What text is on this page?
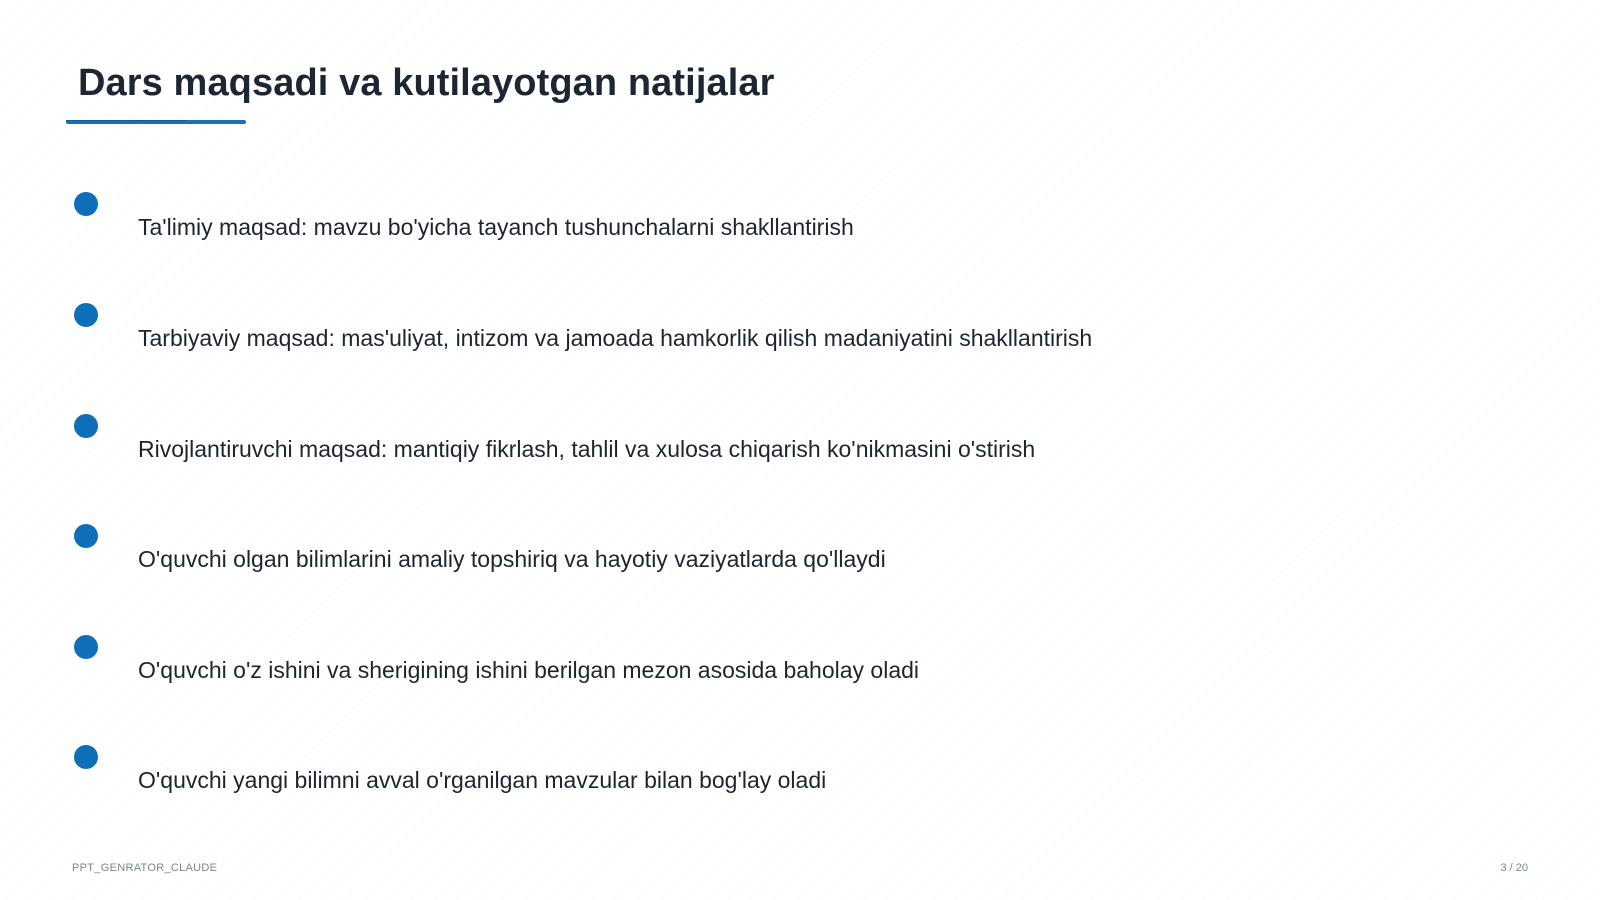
Dars maqsadi va kutilayotgan natijalar
Ta'limiy maqsad: mavzu bo'yicha tayanch tushunchalarni shakllantirish
Tarbiyaviy maqsad: mas'uliyat, intizom va jamoada hamkorlik qilish madaniyatini shakllantirish
Rivojlantiruvchi maqsad: mantiqiy fikrlash, tahlil va xulosa chiqarish ko'nikmasini o'stirish
O'quvchi olgan bilimlarini amaliy topshiriq va hayotiy vaziyatlarda qo'llaydi
O'quvchi o'z ishini va sherigining ishini berilgan mezon asosida baholay oladi
O'quvchi yangi bilimni avval o'rganilgan mavzular bilan bog'lay oladi
PPT_GENRATOR_CLAUDE	3 / 20
